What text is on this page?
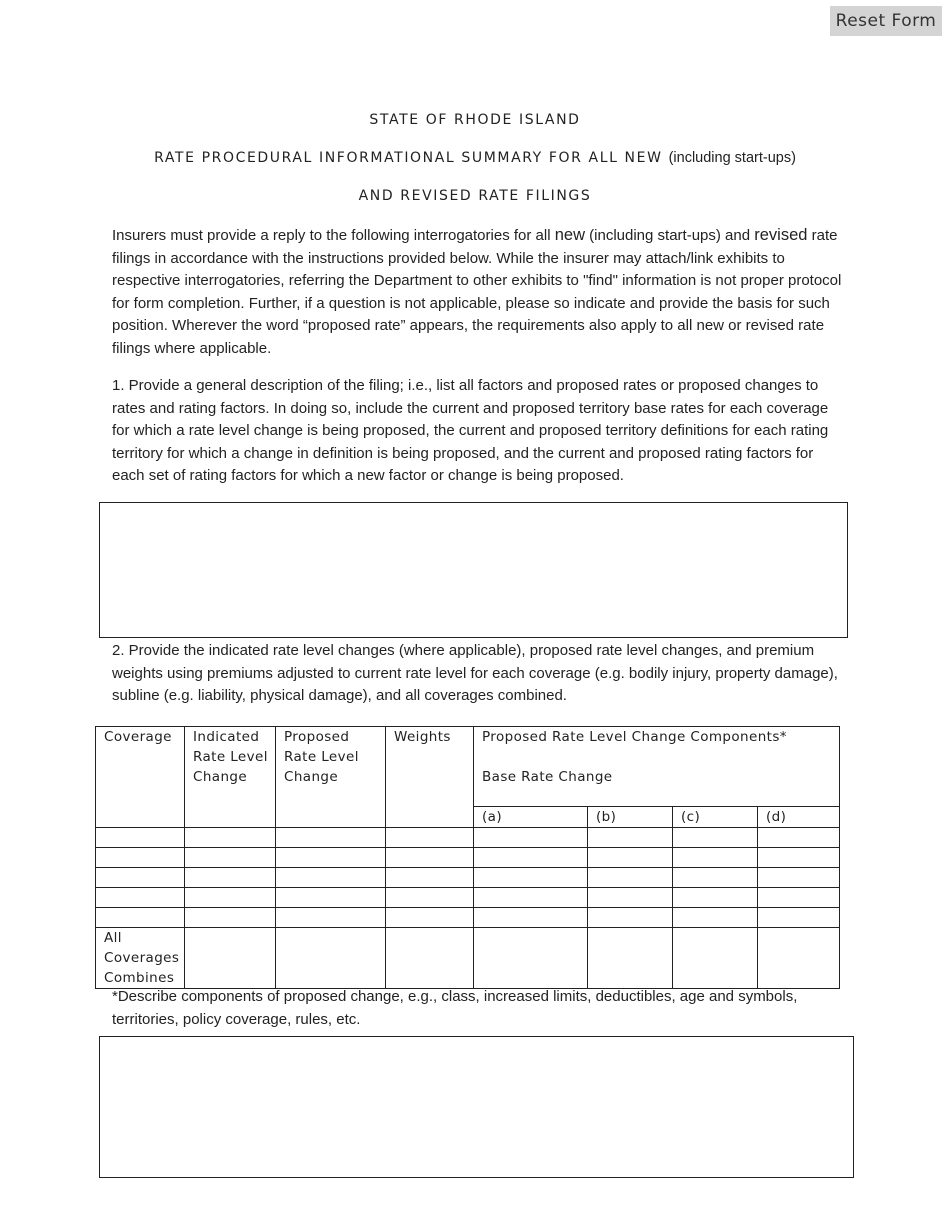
Reset Form
STATE OF RHODE ISLAND
RATE PROCEDURAL INFORMATIONAL SUMMARY FOR ALL NEW (including start-ups)
AND REVISED RATE FILINGS

Insurers must provide a reply to the following interrogatories for all new (including start-ups) and revised rate filings in accordance with the instructions provided below. While the insurer may attach/link exhibits to respective interrogatories, referring the Department to other exhibits to "find" information is not proper protocol for form completion. Further, if a question is not applicable, please so indicate and provide the basis for such position. Wherever the word “proposed rate” appears, the requirements also apply to all new or revised rate filings where applicable.

1. Provide a general description of the filing; i.e., list all factors and proposed rates or proposed changes to rates and rating factors. In doing so, include the current and proposed territory base rates for each coverage for which a rate level change is being proposed, the current and proposed territory definitions for each rating territory for which a change in definition is being proposed, and the current and proposed rating factors for each set of rating factors for which a new factor or change is being proposed.

2. Provide the indicated rate level changes (where applicable), proposed rate level changes, and premium weights using premiums adjusted to current rate level for each coverage (e.g. bodily injury, property damage), subline (e.g. liability, physical damage), and all coverages combined.

Coverage	Indicated Rate Level Change	Proposed Rate Level Change	Weights	Proposed Rate Level Change Components*
Base Rate Change			
				(a)	(b)	(c)	(d)

All Coverages Combines							

*Describe components of proposed change, e.g., class, increased limits, deductibles, age and symbols, territories, policy coverage, rules, etc.
